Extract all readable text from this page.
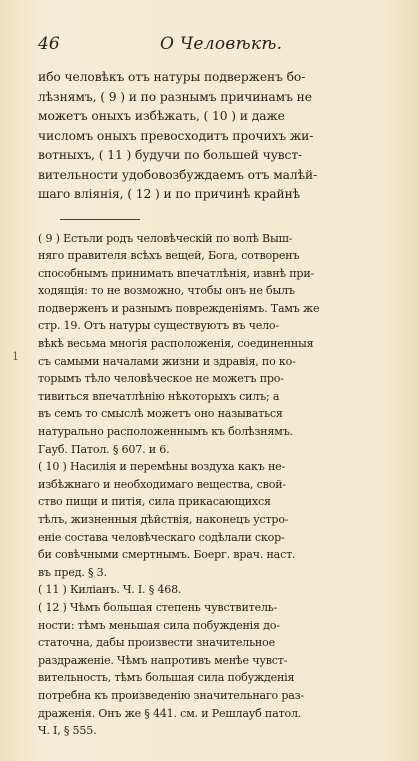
46	О Человѣкѣ.
ибо человѣкъ отъ натуры подверженъ бо-
лѣзнямъ, ( 9 ) и по разнымъ причинамъ не
можетъ оныхъ избѣжать, ( 10 ) и даже
числомъ оныхъ превосходитъ прочихъ жи-
вотныхъ, ( 11 ) будучи по большей чувст-
вительности удобовозбуждаемъ отъ малѣй-
шаго вліянія, ( 12 ) и по причинѣ крайнѣ
( 9 ) Естьли родъ человѣческій по волѣ Выш-
няго правителя всѣхъ вещей, Бога, сотворенъ
способнымъ принимать впечатлѣнія, извнѣ при-
ходящія: то не возможно, чтобы онъ не былъ
подверженъ и разнымъ поврежденіямъ. Тамъ же
стр. 19. Отъ натуры существуютъ въ чело-
вѣкѣ весьма многія расположенія, соединенныя
съ самыми началами жизни и здравія, по ко-
торымъ тѣло человѣческое не можетъ про-
тивиться впечатлѣнію нѣкоторыхъ силъ; а
въ семъ то смыслѣ можетъ оно называться
натурально расположеннымъ къ болѣзнямъ.
Гауб. Патол. § 607. и 6.
( 10 ) Насилія и перемѣны воздуха какъ не-
избѣжнаго и необходимаго вещества, свой-
ство пищи и питія, сила прикасающихся
тѣлъ, жизненныя дѣйствія, наконецъ устро-
еніе состава человѣческаго содѣлали скор-
би совѣчными смертнымъ. Боерг. врач. наст.
въ пред. § 3.
( 11 ) Киліанъ. Ч. I. § 468.
( 12 ) Чѣмъ большая степень чувствитель-
ности: тѣмъ меньшая сила побужденія до-
статочна, дабы произвести значительное
раздраженіе. Чѣмъ напротивъ менѣе чувст-
вительность, тѣмъ большая сила побужденія
потребна къ произведенію значительнаго раз-
драженія. Онъ же § 441. см. и Решлауб патол.
Ч. I, § 555.
1
